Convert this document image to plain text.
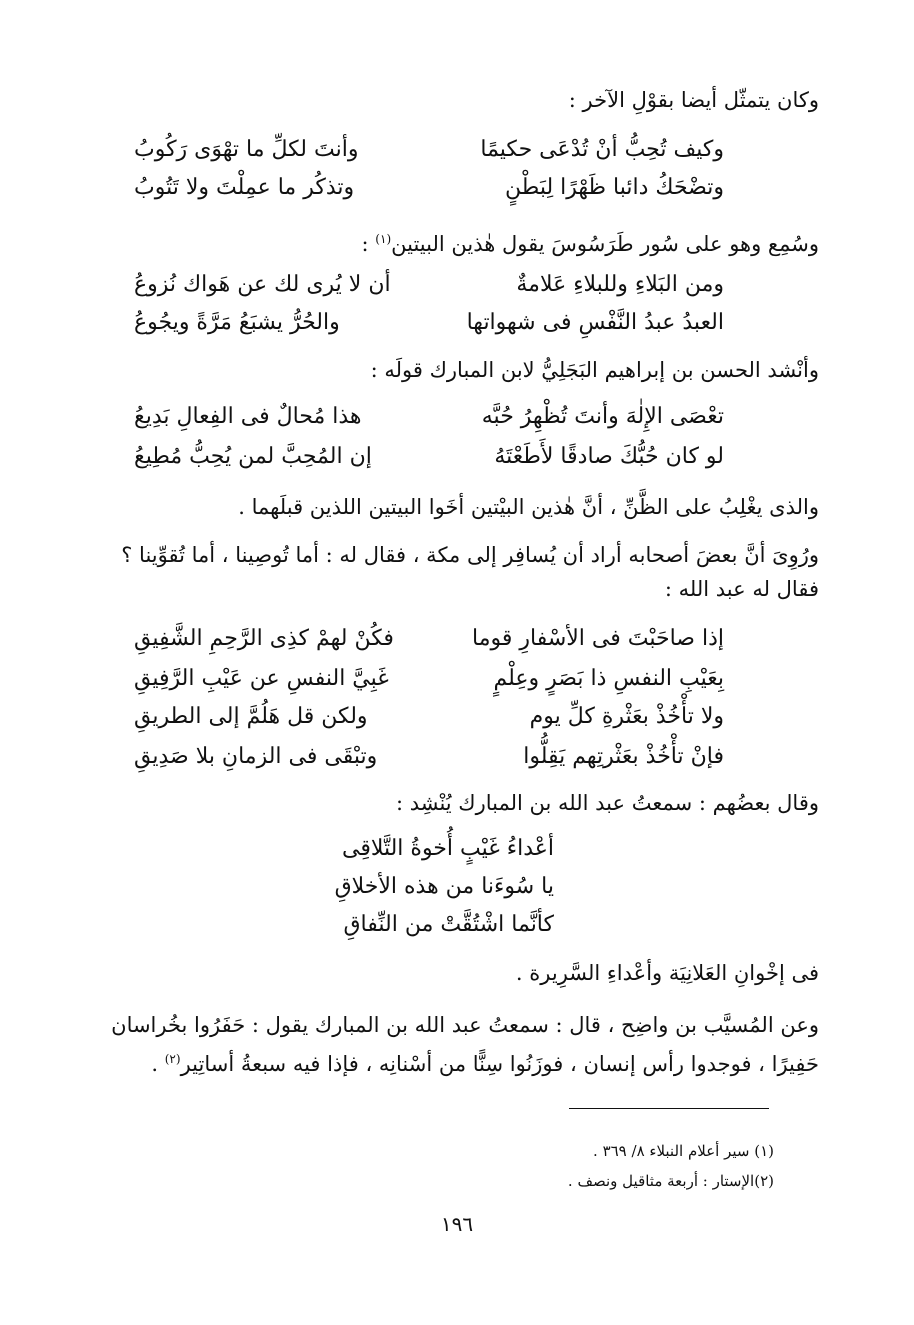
وكان يتمثّل أيضا بقوْلِ الآخر :
وكيف تُحِبُّ أنْ تُدْعَى حكيمًا
وأنتَ لكلِّ ما تهْوَى رَكُوبُ
وتضْحَكُ دائبا ظَهْرًا لِبَطْنٍ
وتذكُر ما عمِلْتَ ولا تَتُوبُ
وسُمِع وهو على سُور طَرَسُوسَ يقول هٰذين البيتين$^{(١)}$ :
ومن البَلاءِ وللبلاءِ عَلامةٌ
أن لا يُرى لك عن هَواك نُزوعُ
العبدُ عبدُ النَّفْسِ فى شهواتها
والحُرُّ يشبَعُ مَرَّةً ويجُوعُ
وأنْشد الحسن بن إبراهيم البَجَلِيُّ لابن المبارك قولَه :
تعْصَى الإِلٰهَ وأنتَ تُظْهِرُ حُبَّه
هذا مُحالٌ فى الفِعالِ بَدِيعُ
لو كان حُبُّكَ صادقًا لأَطَعْتَهُ
إن المُحِبَّ لمن يُحِبُّ مُطِيعُ
والذى يغْلِبُ على الظَّنِّ ، أنَّ هٰذين البيْتين أخَوا البيتين اللذين قبلَهما .
ورُوِىَ أنَّ بعضَ أصحابه أراد أن يُسافِر إلى مكة ، فقال له : أما تُوصِينا ، أما تُقوِّينا ؟
فقال له عبد الله :
إذا صاحَبْتَ فى الأسْفارِ قوما
فكُنْ لهمْ كذِى الرَّحِمِ الشَّفِيقِ
بِعَيْبِ النفسِ ذا بَصَرٍ وعِلْمٍ
غَبِيَّ النفسِ عن عَيْبِ الرَّفِيقِ
ولا تأْخُذْ بعَثْرةِ كلِّ يوم
ولكن قل هَلُمَّ إلى الطريقِ
فإنْ تأْخُذْ بعَثْرتِهم يَقِلُّوا
وتبْقَى فى الزمانِ بلا صَدِيقِ
وقال بعضُهم : سمعتُ عبد الله بن المبارك يُنْشِد :
أعْداءُ غَيْبٍ أُخوةُ التَّلاقِى
يا سُوءَنا من هذه الأخلاقِ
كأنَّما اشْتُقَّتْ من النِّفاقِ
فى إخْوانِ العَلانِيَة وأعْداءِ السَّرِيرة .
وعن المُسيَّب بن واضِح ، قال : سمعتُ عبد الله بن المبارك يقول : حَفَرُوا بخُراسان
حَفِيرًا ، فوجدوا رأس إنسان ، فوزَنُوا سِنًّا من أسْنانِه ، فإذا فيه سبعةُ أساتِير$^{(٢)}$ .
(١) سير أعلام النبلاء ٨/ ٣٦٩ .
(٢)الإستار : أربعة مثاقيل ونصف .
١٩٦
